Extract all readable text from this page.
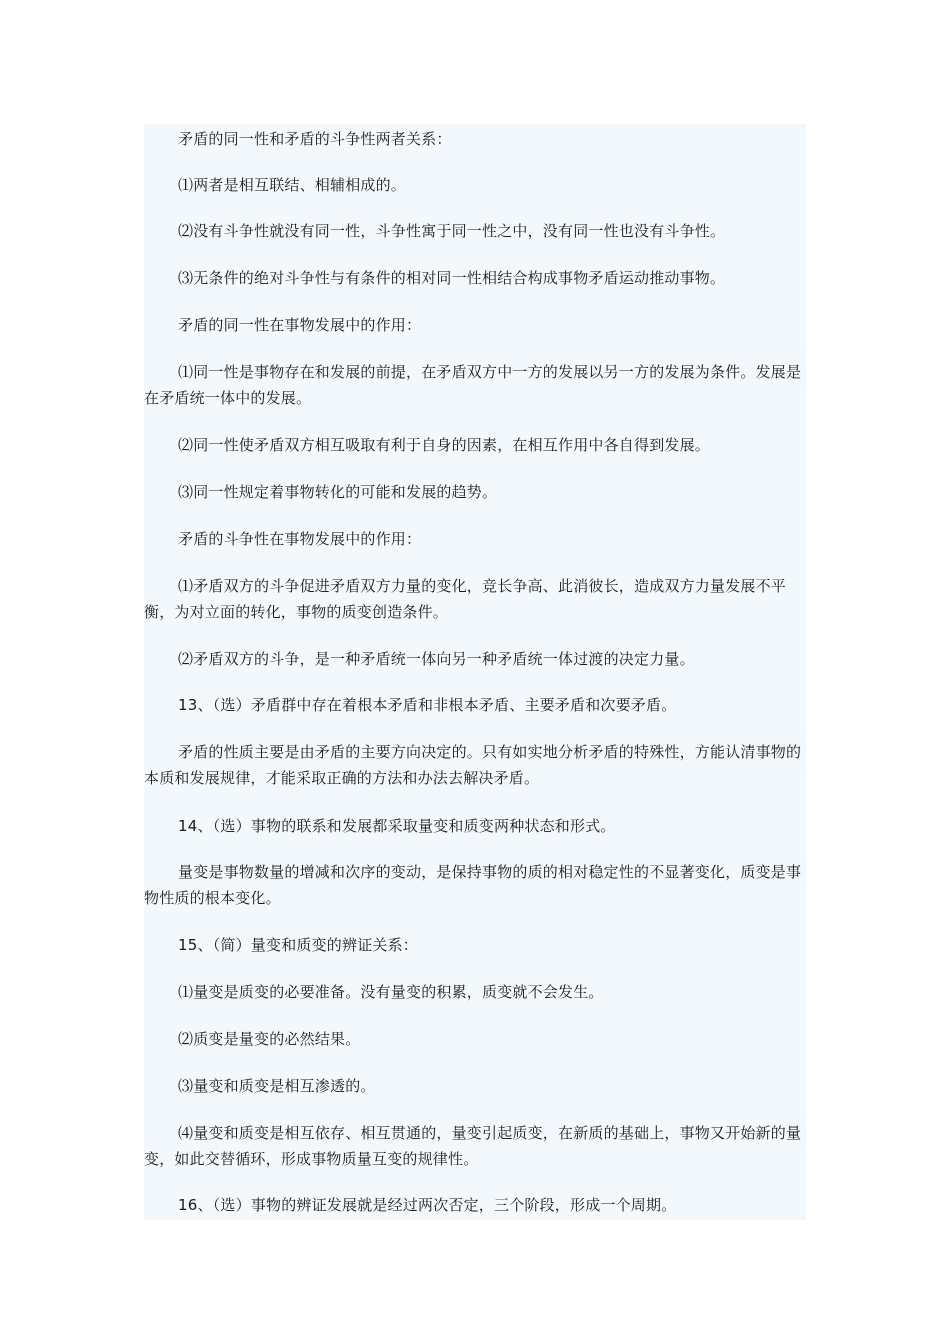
矛盾的同一性和矛盾的斗争性两者关系：

⑴两者是相互联结、相辅相成的。

⑵没有斗争性就没有同一性，斗争性寓于同一性之中，没有同一性也没有斗争性。

⑶无条件的绝对斗争性与有条件的相对同一性相结合构成事物矛盾运动推动事物。

矛盾的同一性在事物发展中的作用：

⑴同一性是事物存在和发展的前提，在矛盾双方中一方的发展以另一方的发展为条件。发展是在矛盾统一体中的发展。

⑵同一性使矛盾双方相互吸取有利于自身的因素，在相互作用中各自得到发展。

⑶同一性规定着事物转化的可能和发展的趋势。

矛盾的斗争性在事物发展中的作用：

⑴矛盾双方的斗争促进矛盾双方力量的变化，竞长争高、此消彼长，造成双方力量发展不平衡，为对立面的转化，事物的质变创造条件。

⑵矛盾双方的斗争，是一种矛盾统一体向另一种矛盾统一体过渡的决定力量。

13、（选）矛盾群中存在着根本矛盾和非根本矛盾、主要矛盾和次要矛盾。

矛盾的性质主要是由矛盾的主要方向决定的。只有如实地分析矛盾的特殊性，方能认清事物的本质和发展规律，才能采取正确的方法和办法去解决矛盾。

14、（选）事物的联系和发展都采取量变和质变两种状态和形式。

量变是事物数量的增减和次序的变动，是保持事物的质的相对稳定性的不显著变化，质变是事物性质的根本变化。

15、（简）量变和质变的辨证关系：

⑴量变是质变的必要准备。没有量变的积累，质变就不会发生。

⑵质变是量变的必然结果。

⑶量变和质变是相互渗透的。

⑷量变和质变是相互依存、相互贯通的，量变引起质变，在新质的基础上，事物又开始新的量变，如此交替循环，形成事物质量互变的规律性。

16、（选）事物的辨证发展就是经过两次否定，三个阶段，形成一个周期。
